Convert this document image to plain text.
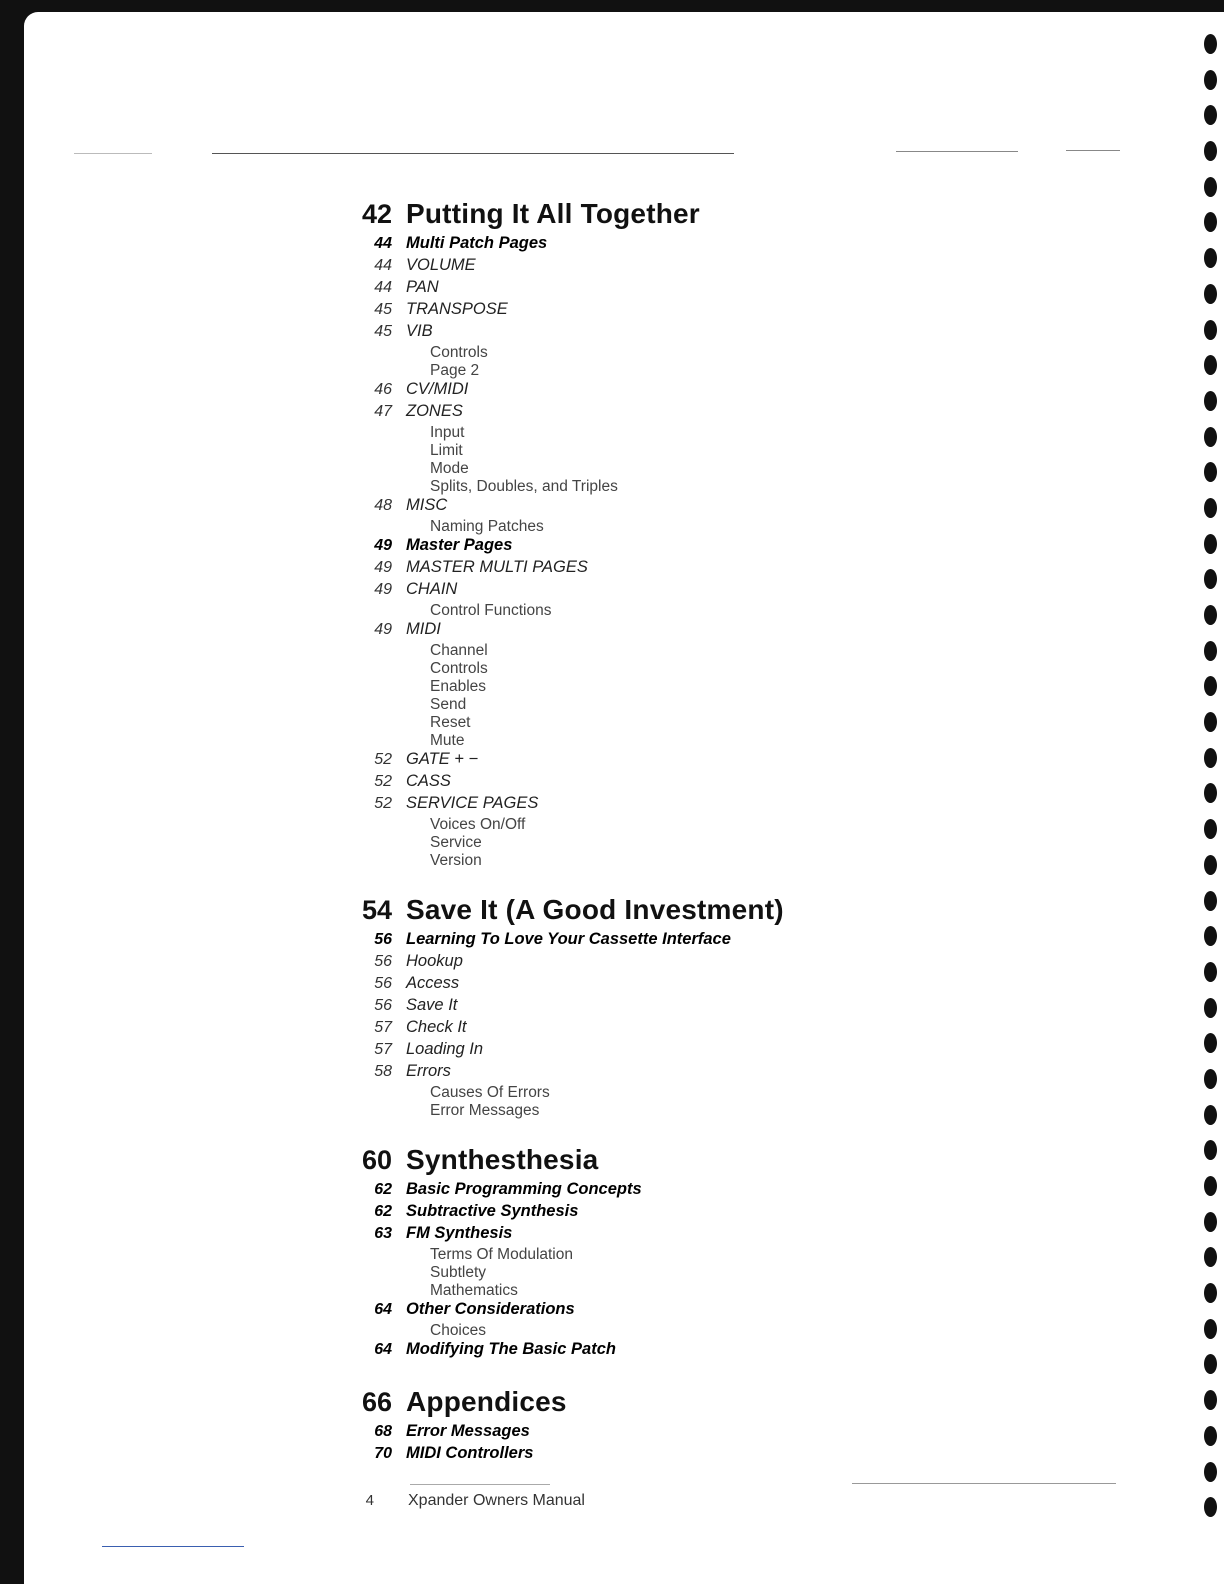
42 Putting It All Together
44 Multi Patch Pages
44 VOLUME
44 PAN
45 TRANSPOSE
45 VIB
Controls
Page 2
46 CV/MIDI
47 ZONES
Input
Limit
Mode
Splits, Doubles, and Triples
48 MISC
Naming Patches
49 Master Pages
49 MASTER MULTI PAGES
49 CHAIN
Control Functions
49 MIDI
Channel
Controls
Enables
Send
Reset
Mute
52 GATE + −
52 CASS
52 SERVICE PAGES
Voices On/Off
Service
Version
54 Save It (A Good Investment)
56 Learning To Love Your Cassette Interface
56 Hookup
56 Access
56 Save It
57 Check It
57 Loading In
58 Errors
Causes Of Errors
Error Messages
60 Synthesthesia
62 Basic Programming Concepts
62 Subtractive Synthesis
63 FM Synthesis
Terms Of Modulation
Subtlety
Mathematics
64 Other Considerations
Choices
64 Modifying The Basic Patch
66 Appendices
68 Error Messages
70 MIDI Controllers
4 Xpander Owners Manual
